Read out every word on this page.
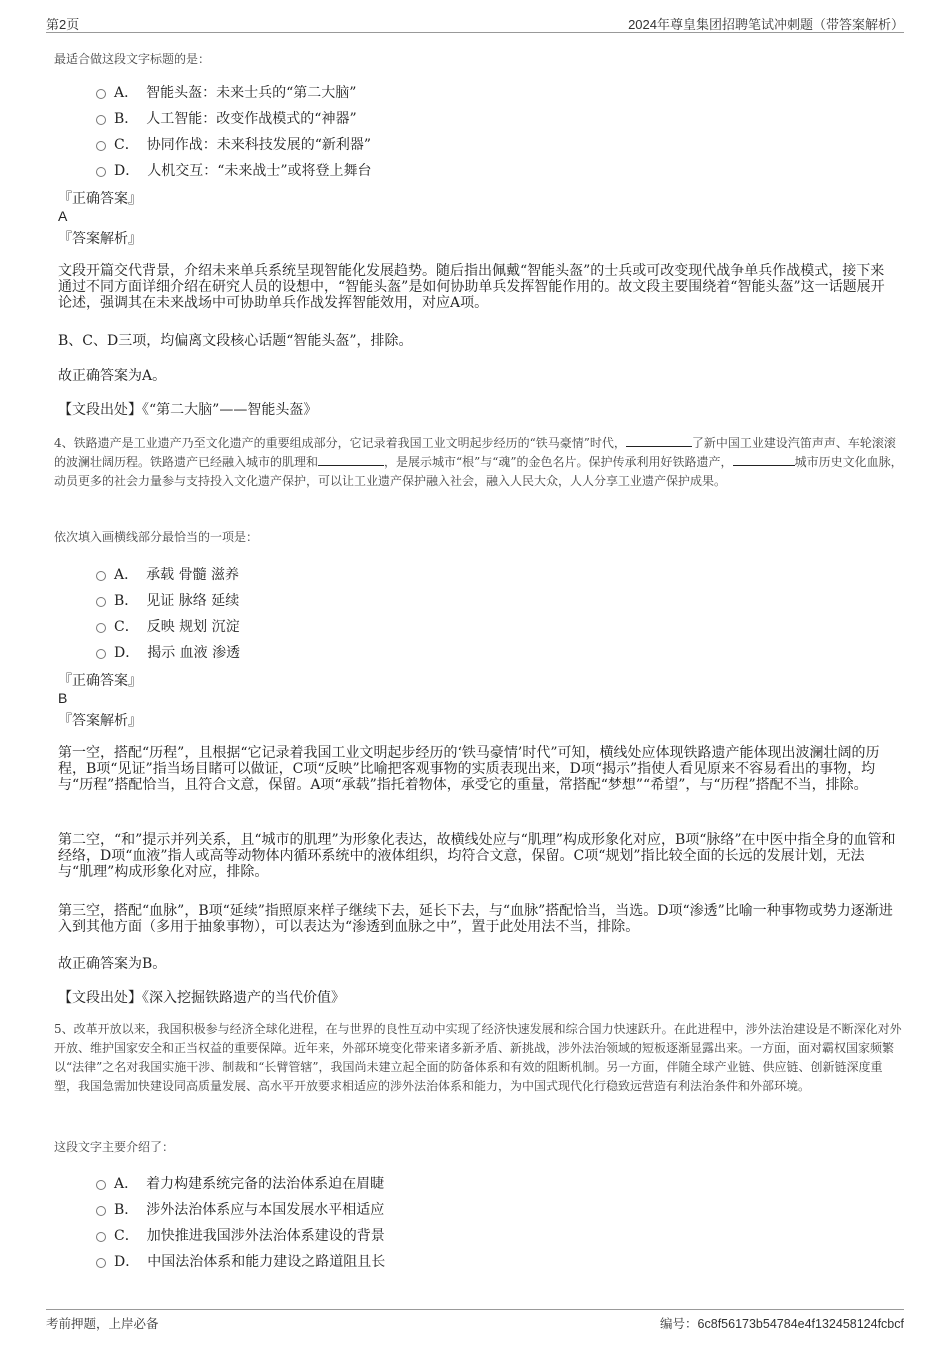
第2页	2024年尊皇集团招聘笔试冲刺题（带答案解析）
最适合做这段文字标题的是：
A． 智能头盔：未来士兵的“第二大脑”
B． 人工智能：改变作战模式的“神器”
C． 协同作战：未来科技发展的“新利器”
D． 人机交互：“未来战士”或将登上舞台
『正确答案』
A
『答案解析』
文段开篇交代背景，介绍未来单兵系统呈现智能化发展趋势。随后指出佩戴“智能头盔”的士兵或可改变现代战争单兵作战模式，接下来通过不同方面详细介绍在研究人员的设想中，“智能头盔”是如何协助单兵发挥智能作用的。故文段主要围绕着“智能头盔”这一话题展开论述，强调其在未来战场中可协助单兵作战发挥智能效用，对应A项。
B、C、D三项，均偏离文段核心话题“智能头盔”，排除。
故正确答案为A。
【文段出处】《“第二大脑”——智能头盔》
4、铁路遗产是工业遗产乃至文化遗产的重要组成部分，它记录着我国工业文明起步经历的“铁马豪情”时代，	了新中国工业建设汽笛声声、车轮滚滚的波澜壮阔历程。铁路遗产已经融入城市的肌理和	，是展示城市“根”与“魂”的金色名片。保护传承利用好铁路遗产，	城市历史文化血脉，动员更多的社会力量参与支持投入文化遗产保护，可以让工业遗产保护融入社会，融入人民大众，人人分享工业遗产保护成果。
依次填入画横线部分最恰当的一项是：
A． 承载 骨髓 滋养
B． 见证 脉络 延续
C． 反映 规划 沉淀
D． 揭示 血液 渗透
『正确答案』
B
『答案解析』
第一空，搭配“历程”，且根据“它记录着我国工业文明起步经历的‘铁马豪情’时代”可知，横线处应体现铁路遗产能体现出波澜壮阔的历程，B项“见证”指当场目睹可以做证，C项“反映”比喻把客观事物的实质表现出来，D项“揭示”指使人看见原来不容易看出的事物，均与“历程”搭配恰当，且符合文意，保留。A项“承载”指托着物体，承受它的重量，常搭配“梦想”“希望”，与“历程”搭配不当，排除。
第二空，“和”提示并列关系，且“城市的肌理”为形象化表达，故横线处应与“肌理”构成形象化对应，B项“脉络”在中医中指全身的血管和经络，D项“血液”指人或高等动物体内循环系统中的液体组织，均符合文意，保留。C项“规划”指比较全面的长远的发展计划，无法与“肌理”构成形象化对应，排除。
第三空，搭配“血脉”，B项“延续”指照原来样子继续下去，延长下去，与“血脉”搭配恰当，当选。D项“渗透”比喻一种事物或势力逐渐进入到其他方面（多用于抽象事物），可以表达为“渗透到血脉之中”，置于此处用法不当，排除。
故正确答案为B。
【文段出处】《深入挖掘铁路遗产的当代价值》
5、改革开放以来，我国积极参与经济全球化进程，在与世界的良性互动中实现了经济快速发展和综合国力快速跃升。在此进程中，涉外法治建设是不断深化对外开放、维护国家安全和正当权益的重要保障。近年来，外部环境变化带来诸多新矛盾、新挑战，涉外法治领域的短板逐渐显露出来。一方面，面对霸权国家频繁以“法律”之名对我国实施干涉、制裁和“长臂管辖”，我国尚未建立起全面的防备体系和有效的阻断机制。另一方面，伴随全球产业链、供应链、创新链深度重塑，我国急需加快建设同高质量发展、高水平开放要求相适应的涉外法治体系和能力，为中国式现代化行稳致远营造有利法治条件和外部环境。
这段文字主要介绍了：
A． 着力构建系统完备的法治体系迫在眉睫
B． 涉外法治体系应与本国发展水平相适应
C． 加快推进我国涉外法治体系建设的背景
D． 中国法治体系和能力建设之路道阻且长
考前押题，上岸必备	编号：6c8f56173b54784e4f132458124fcbcf
